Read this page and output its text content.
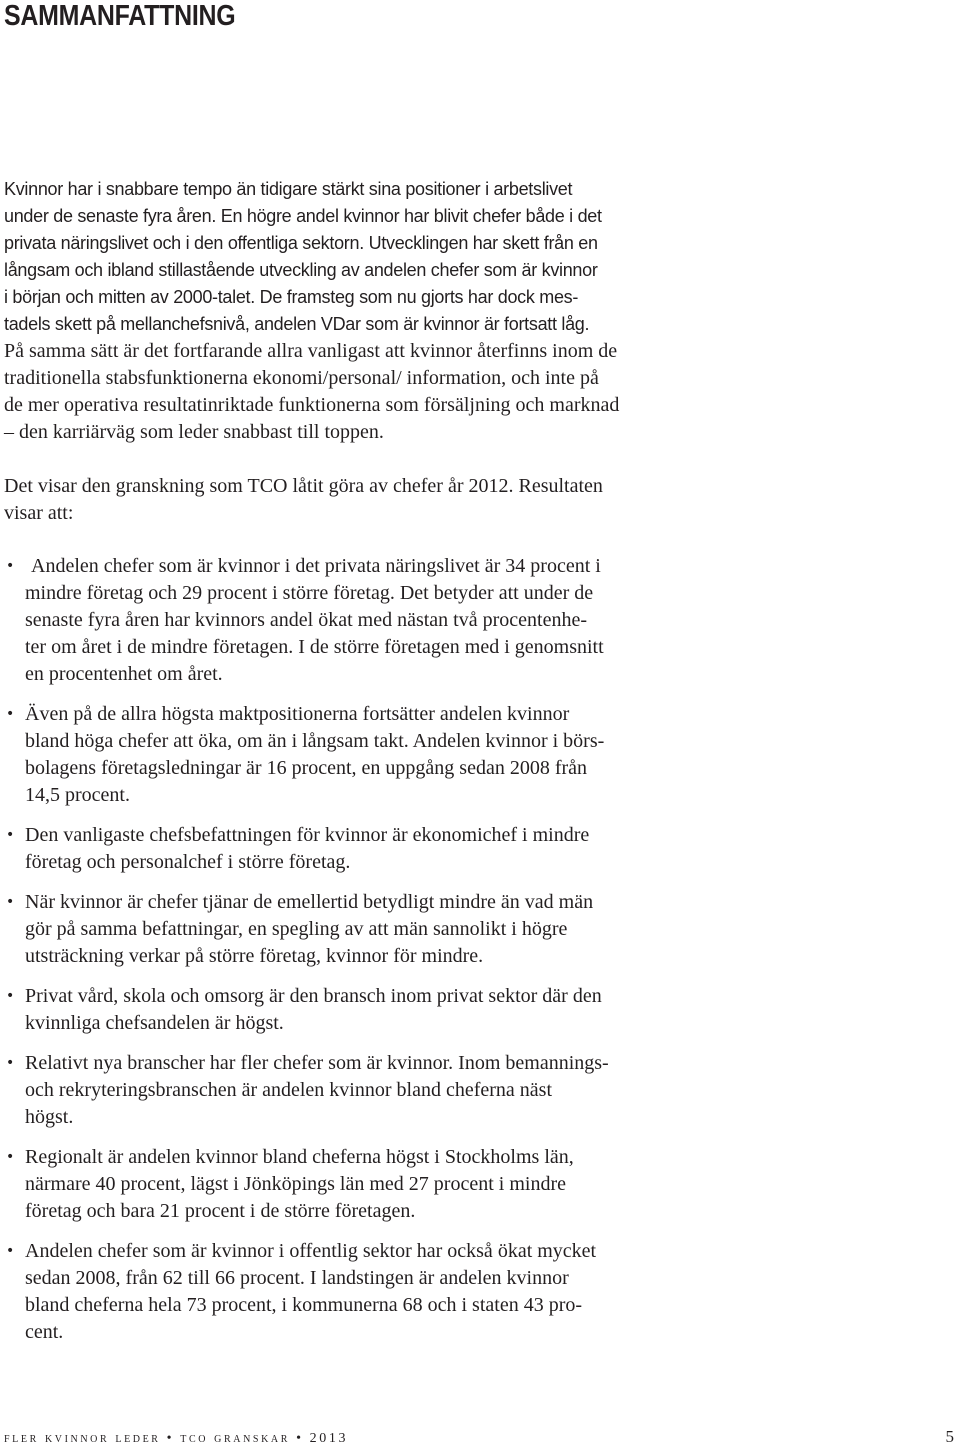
SAMMANFATTNING
Kvinnor har i snabbare tempo än tidigare stärkt sina positioner i arbetslivet
under de senaste fyra åren. En högre andel kvinnor har blivit chefer både i det
privata näringslivet och i den offentliga sektorn. Utvecklingen har skett från en
långsam och ibland stillastående utveckling av andelen chefer som är kvinnor
i början och mitten av 2000-talet. De framsteg som nu gjorts har dock mes-
tadels skett på mellanchefsnivå, andelen VDar som är kvinnor är fortsatt låg.
På samma sätt är det fortfarande allra vanligast att kvinnor återfinns inom de
traditionella stabsfunktionerna ekonomi/personal/ information, och inte på
de mer operativa resultatinriktade funktionerna som försäljning och marknad
– den karriärväg som leder snabbast till toppen.
Det visar den granskning som TCO låtit göra av chefer år 2012. Resultaten
visar att:
• Andelen chefer som är kvinnor i det privata näringslivet är 34 procent i
mindre företag och 29 procent i större företag. Det betyder att under de
senaste fyra åren har kvinnors andel ökat med nästan två procentenhe-
ter om året i de mindre företagen. I de större företagen med i genomsnitt
en procentenhet om året.
• Även på de allra högsta maktpositionerna fortsätter andelen kvinnor
bland höga chefer att öka, om än i långsam takt. Andelen kvinnor i börs-
bolagens företagsledningar är 16 procent, en uppgång sedan 2008 från
14,5 procent.
• Den vanligaste chefsbefattningen för kvinnor är ekonomichef i mindre
företag och personalchef i större företag.
• När kvinnor är chefer tjänar de emellertid betydligt mindre än vad män
gör på samma befattningar, en spegling av att män sannolikt i högre
utsträckning verkar på större företag, kvinnor för mindre.
• Privat vård, skola och omsorg är den bransch inom privat sektor där den
kvinnliga chefsandelen är högst.
• Relativt nya branscher har fler chefer som är kvinnor. Inom bemannings-
och rekryteringsbranschen är andelen kvinnor bland cheferna näst
högst.
• Regionalt är andelen kvinnor bland cheferna högst i Stockholms län,
närmare 40 procent, lägst i Jönköpings län med 27 procent i mindre
företag och bara 21 procent i de större företagen.
• Andelen chefer som är kvinnor i offentlig sektor har också ökat mycket
sedan 2008, från 62 till 66 procent. I landstingen är andelen kvinnor
bland cheferna hela 73 procent, i kommunerna 68 och i staten 43 pro-
cent.
fler kvinnor leder • tco granskar • 2013	5
